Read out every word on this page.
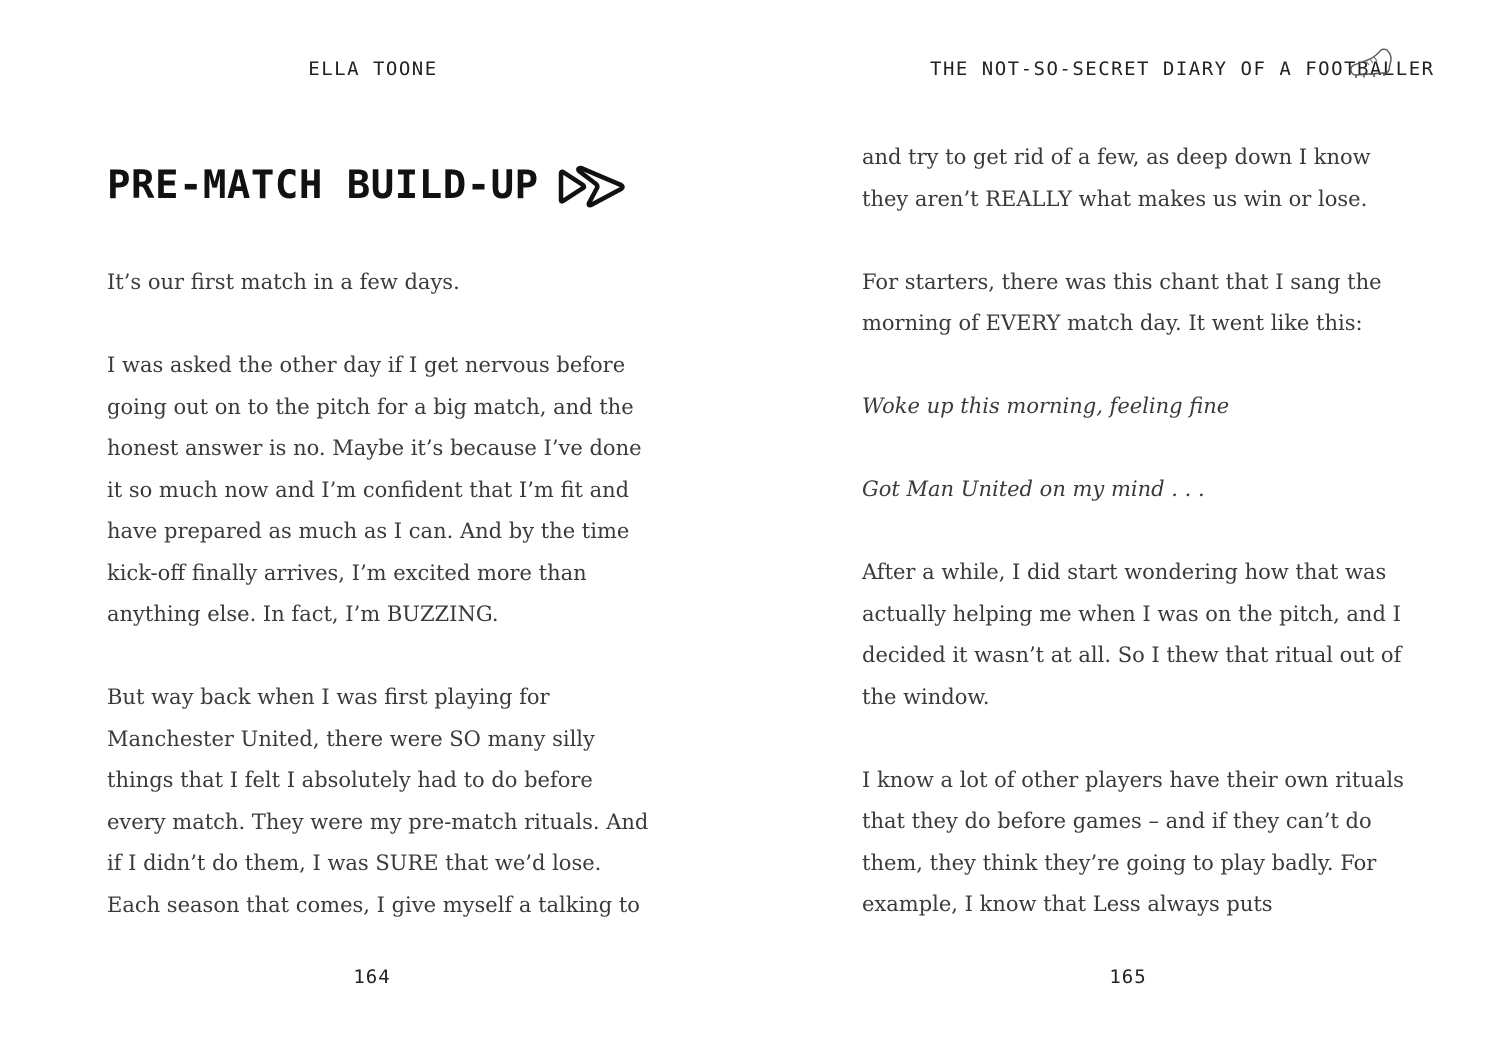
ELLA TOONE
PRE-MATCH BUILD-UP

It’s our first match in a few days.

I was asked the other day if I get nervous before going out on to the pitch for a big match, and the honest answer is no. Maybe it’s because I’ve done it so much now and I’m confident that I’m fit and have prepared as much as I can. And by the time kick-off finally arrives, I’m excited more than anything else. In fact, I’m BUZZING.

But way back when I was first playing for Manchester United, there were SO many silly things that I felt I absolutely had to do before every match. They were my pre-match rituals. And if I didn’t do them, I was SURE that we’d lose. Each season that comes, I give myself a talking to

164
THE NOT-SO-SECRET DIARY OF A FOOTBALLER

and try to get rid of a few, as deep down I know they aren’t REALLY what makes us win or lose.

For starters, there was this chant that I sang the morning of EVERY match day. It went like this:

Woke up this morning, feeling fine

Got Man United on my mind . . .

After a while, I did start wondering how that was actually helping me when I was on the pitch, and I decided it wasn’t at all. So I thew that ritual out of the window.

I know a lot of other players have their own rituals that they do before games – and if they can’t do them, they think they’re going to play badly. For example, I know that Less always puts

165
